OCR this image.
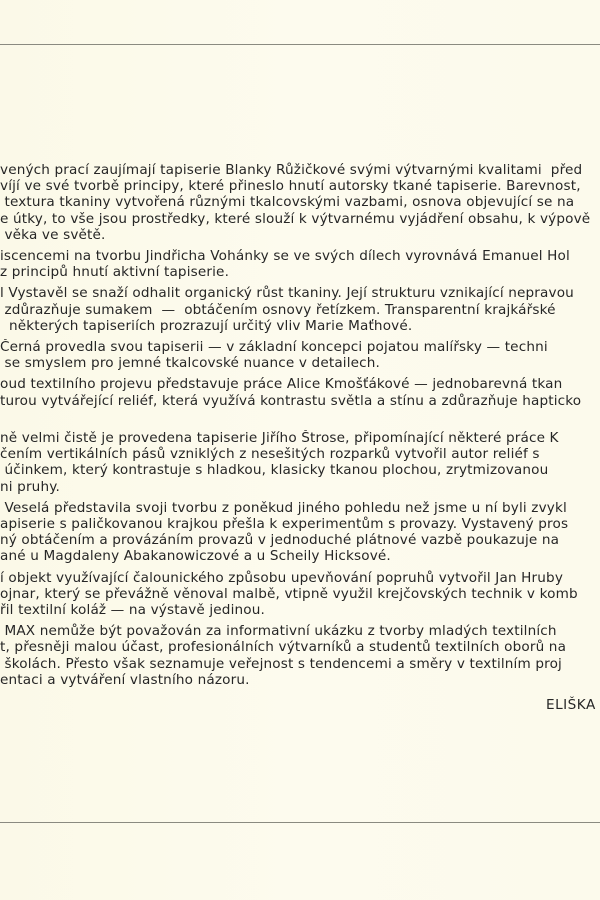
vených prací zaujímají tapiserie Blanky Růžičkové svými výtvarnými kvalitami  před
víjí ve své tvorbě principy, které přineslo hnutí autorsky tkané tapiserie. Barevnost,
textura tkaniny vytvořená různými tkalcovskými vazbami, osnova objevující se na
e útky, to vše jsou prostředky, které slouží k výtvarnému vyjádření obsahu, k výpově
věka ve světě.
iscencemi na tvorbu Jindřicha Vohánky se ve svých dílech vyrovnává Emanuel Hol
z principů hnutí aktivní tapiserie.
l Vystavěl se snaží odhalit organický růst tkaniny. Její strukturu vznikající nepravou
zdůrazňuje sumakem  —  obtáčením osnovy řetízkem. Transparentní krajkářské
některých tapiseriích prozrazují určitý vliv Marie Maťhové.
Černá provedla svou tapiserii — v základní koncepci pojatou malířsky — techni
se smyslem pro jemné tkalcovské nuance v detailech.
oud textilního projevu představuje práce Alice Kmošťákové — jednobarevná tkan
turou vytvářející reliéf, která využívá kontrastu světla a stínu a zdůrazňuje hapticko

ně velmi čistě je provedena tapiserie Jiřího Štrose, připomínající některé práce K
čením vertikálních pásů vzniklých z nesešitých rozparků vytvořil autor reliéf s
účinkem, který kontrastuje s hladkou, klasicky tkanou plochou, zrytmizovanou
ni pruhy.
Veselá představila svoji tvorbu z poněkud jiného pohledu než jsme u ní byli zvykl
apiserie s paličkovanou krajkou přešla k experimentům s provazy. Vystavený pros
ný obtáčením a provázáním provazů v jednoduché plátnové vazbě poukazuje na
ané u Magdaleny Abakanowiczové a u Scheily Hicksové.
í objekt využívající čalounického způsobu upevňování popruhů vytvořil Jan Hruby
ojnar, který se převážně věnoval malbě, vtipně využil krejčovských technik v komb
řil textilní koláž — na výstavě jedinou.
MAX nemůže být považován za informativní ukázku z tvorby mladých textilních
t, přesněji malou účast, profesionálních výtvarníků a studentů textilních oborů na
školách. Přesto však seznamuje veřejnost s tendencemi a směry v textilním proj
entaci a vytváření vlastního názoru.
ELIŠKA
